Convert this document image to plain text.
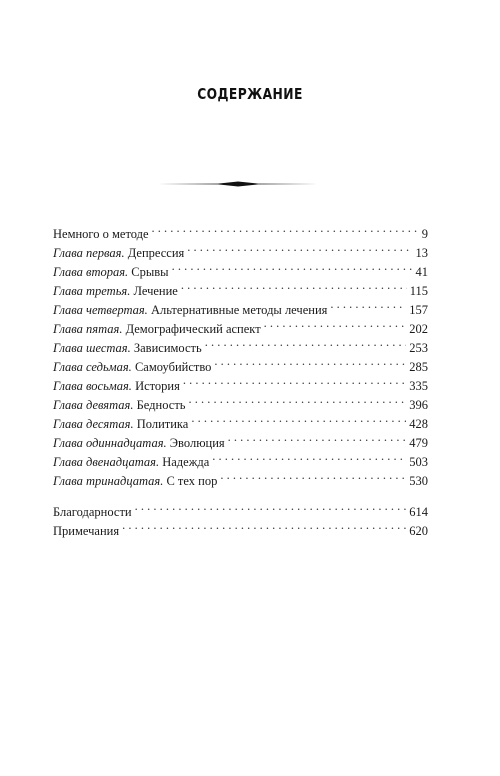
СОДЕРЖАНИЕ
Немного о методе . . .	9
Глава первая. Депрессия . . .	13
Глава вторая. Срывы . . .	41
Глава третья. Лечение . . .	115
Глава четвертая. Альтернативные методы лечения . . .	157
Глава пятая. Демографический аспект . . .	202
Глава шестая. Зависимость . . .	253
Глава седьмая. Самоубийство . . .	285
Глава восьмая. История . . .	335
Глава девятая. Бедность . . .	396
Глава десятая. Политика . . .	428
Глава одиннадцатая. Эволюция . . .	479
Глава двенадцатая. Надежда . . .	503
Глава тринадцатая. С тех пор . . .	530
Благодарности . . .	614
Примечания . . .	620
